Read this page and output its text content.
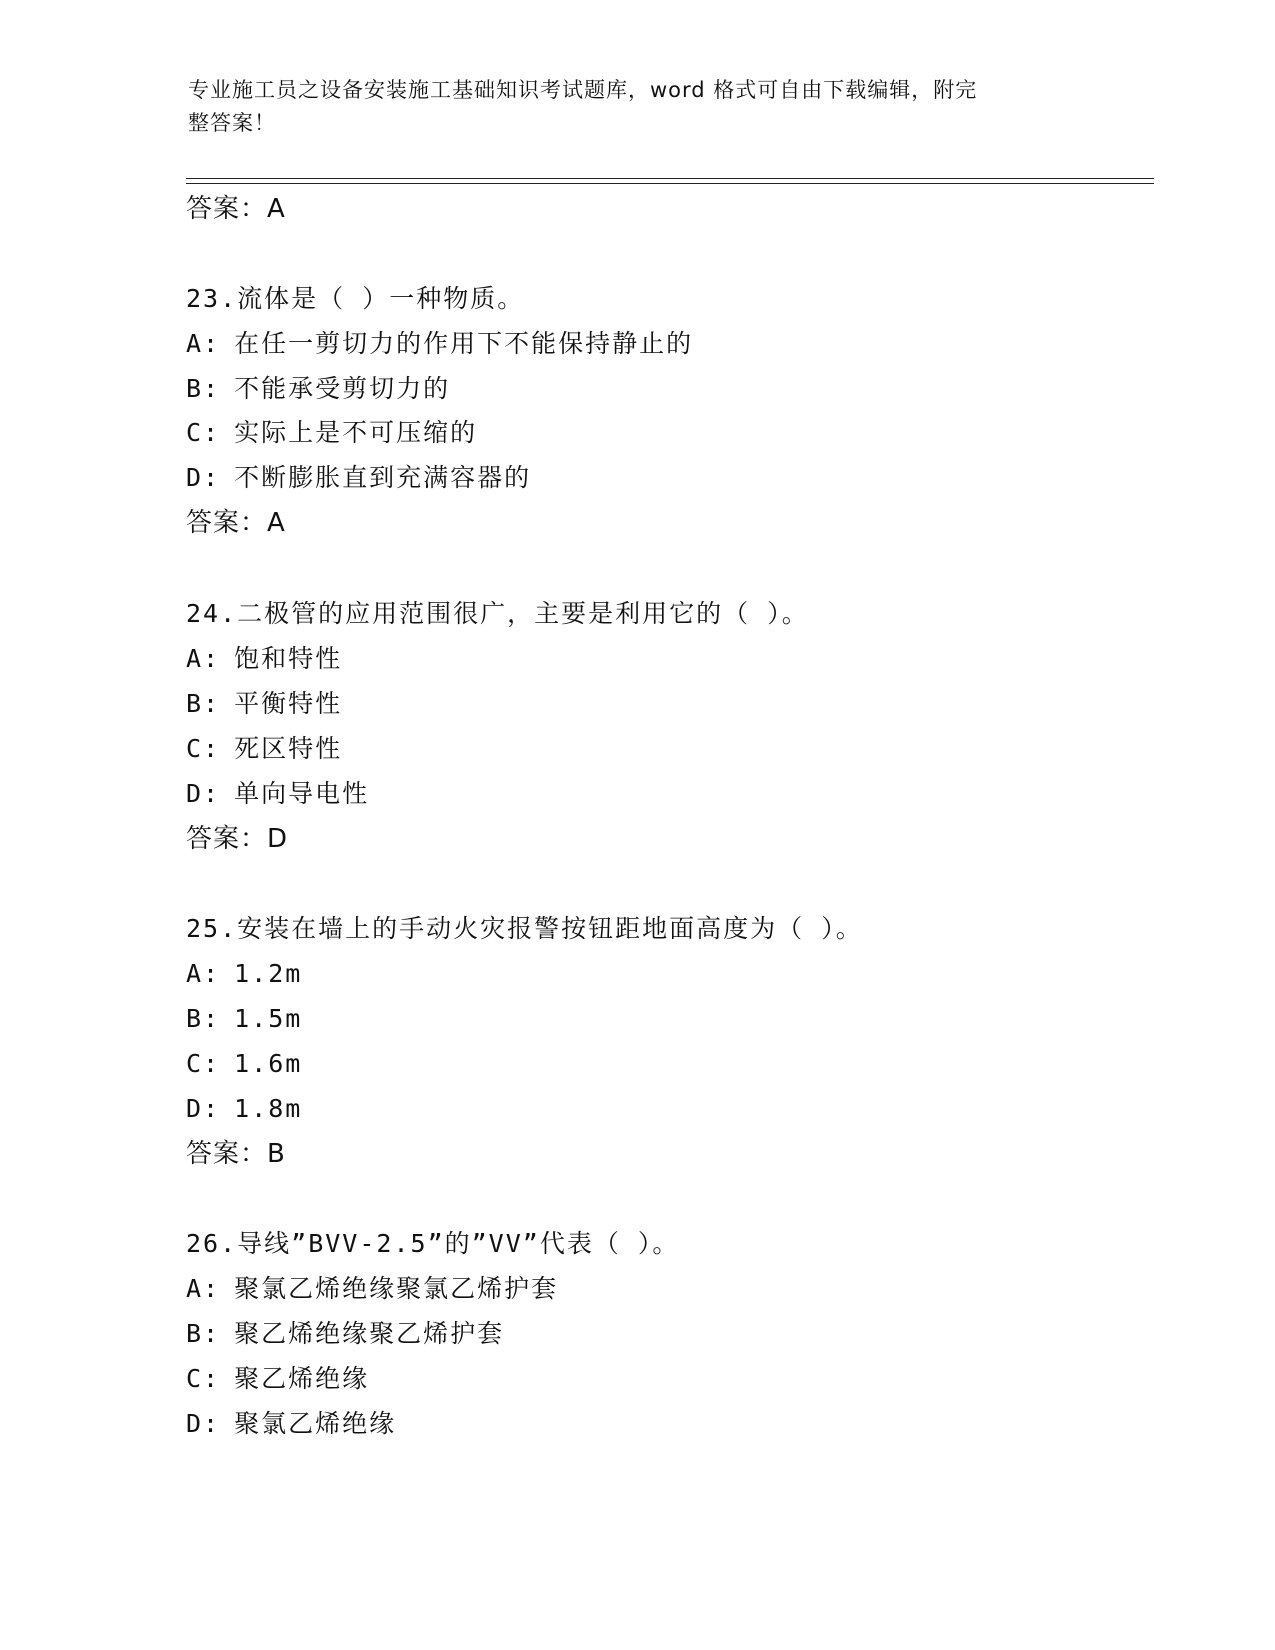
专业施工员之设备安装施工基础知识考试题库，word 格式可自由下载编辑，附完
整答案！
答案：A
23.流体是（ ）一种物质。
A: 在任一剪切力的作用下不能保持静止的
B: 不能承受剪切力的
C: 实际上是不可压缩的
D: 不断膨胀直到充满容器的
答案：A
24.二极管的应用范围很广，主要是利用它的（ ）。
A: 饱和特性
B: 平衡特性
C: 死区特性
D: 单向导电性
答案：D
25.安装在墙上的手动火灾报警按钮距地面高度为（ ）。
A: 1.2m
B: 1.5m
C: 1.6m
D: 1.8m
答案：B
26.导线”BVV-2.5”的”VV”代表（ ）。
A: 聚氯乙烯绝缘聚氯乙烯护套
B: 聚乙烯绝缘聚乙烯护套
C: 聚乙烯绝缘
D: 聚氯乙烯绝缘
